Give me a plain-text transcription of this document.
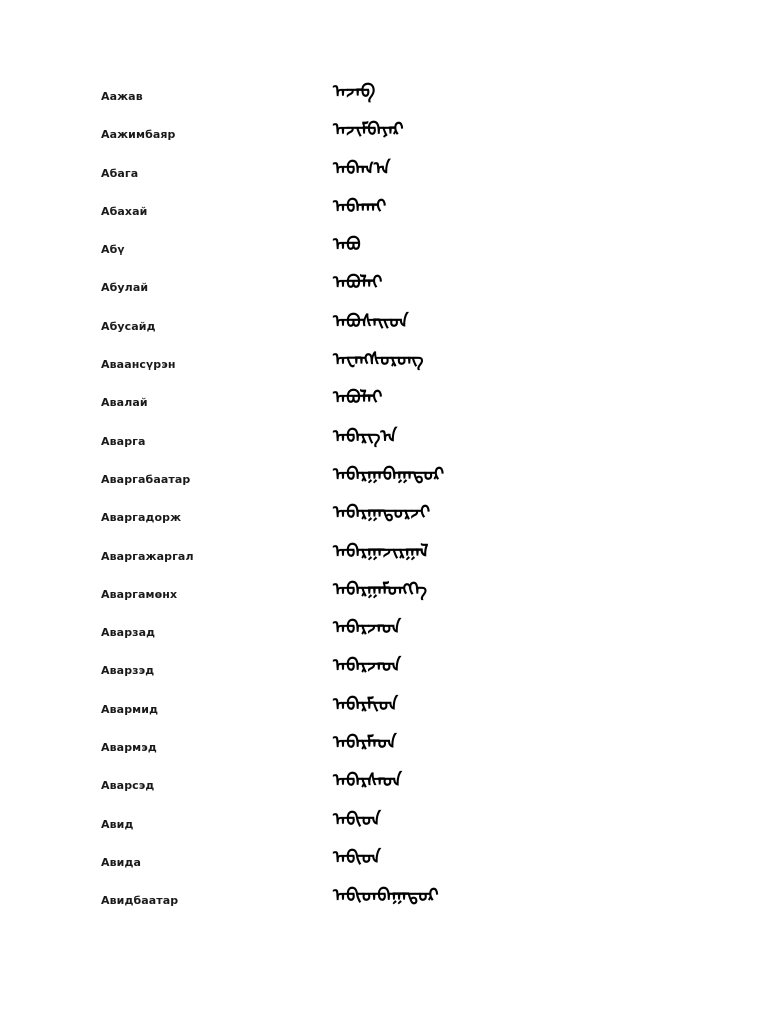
Аажав	ᠠᠵᠠᠪ
Аажимбаяр	ᠠᠵᠢᠮᠪᠠᠶᠠᠷ
Абага	ᠠᠪᠠᠭ᠎ᠠ
Абахай	ᠠᠪᠠᠬᠠᠢ
Абү	ᠠᠪᠦ
Абулай	ᠠᠪᠤᠯᠠᠢ
Абусайд	ᠠᠪᠤᠰᠠᠢᠳ
Аваансүрэн	ᠠᠸᠠᠩᠰᠦᠷᠦᠩ
Авалай	ᠠᠪᠤᠯᠠᠢ
Аварга	ᠠᠪᠠᠷᠭ᠎ᠠ
Аваргабаатар	ᠠᠪᠠᠷᠭᠠᠪᠠᠭᠠᠲᠤᠷ
Аваргадорж	ᠠᠪᠠᠷᠭᠠᠳᠤᠷᠵᠢ
Аваргажаргал	ᠠᠪᠠᠷᠭᠠᠵᠢᠷᠭᠠᠯ
Аваргамөнх	ᠠᠪᠠᠷᠭᠠᠮᠦᠩᠬᠡ
Аварзад	ᠠᠪᠠᠷᠵᠠᠳ
Аварзэд	ᠠᠪᠠᠷᠵᠠᠳ
Авармид	ᠠᠪᠠᠷᠮᠢᠳ
Авармэд	ᠠᠪᠠᠷᠮᠡᠳ
Аварсэд	ᠠᠪᠠᠷᠰᠡᠳ
Авид	ᠠᠪᠢᠳ
Авида	ᠠᠪᠢᠳ
Авидбаатар	ᠠᠪᠢᠳᠪᠠᠭᠠᠲᠤᠷ
